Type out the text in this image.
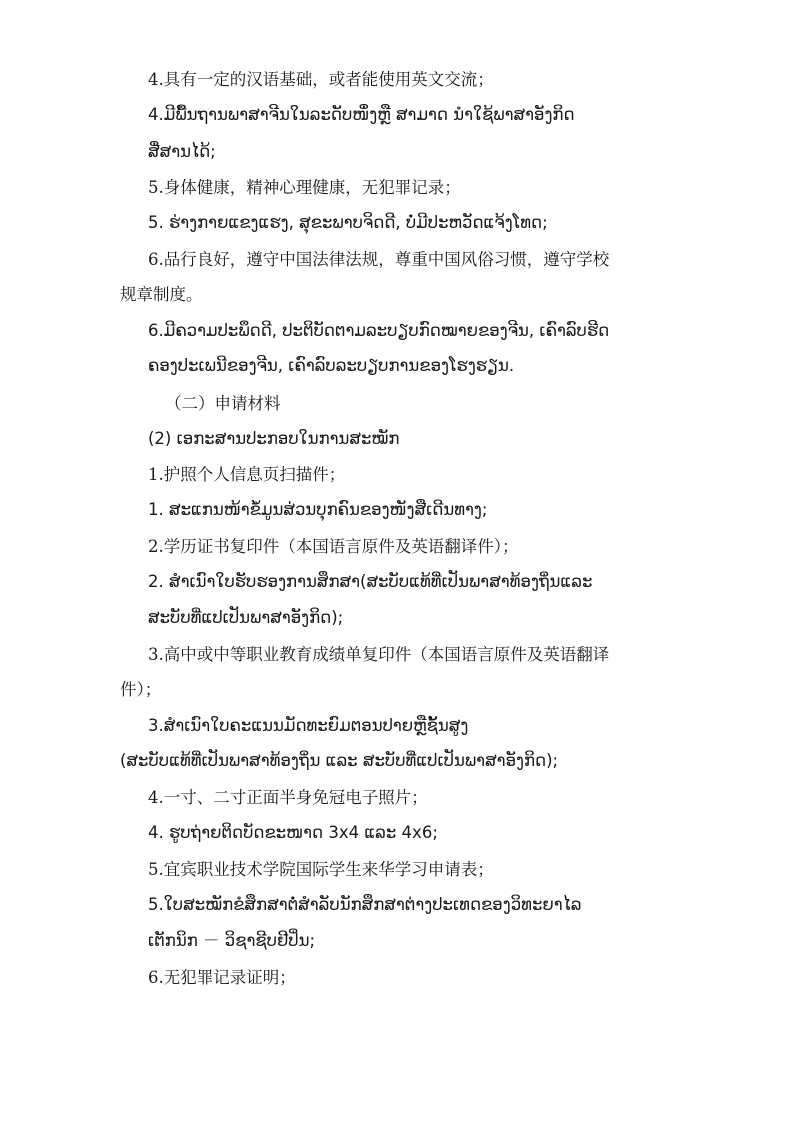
4.具有一定的汉语基础，或者能使用英文交流；
4.ມີພື້ນຖານພາສາຈີນໃນລະດັບໜຶ່ງຫຼື ສາມາດ ນຳໃຊ້ພາສາອັງກິດ
ສື່ສານໄດ້;
5.身体健康，精神心理健康，无犯罪记录；
5. ຮ່າງກາຍແຂງແຮງ, ສຸຂະພາບຈິດດີ, ບໍ່ມີປະຫວັດແຈ້ງໂທດ;
6.品行良好，遵守中国法律法规，尊重中国风俗习惯，遵守学校
规章制度。
6.ມີຄວາມປະພຶດດີ, ປະຕິບັດຕາມລະບຽບກົດໝາຍຂອງຈີນ, ເຄົາລົບຮີດ
ຄອງປະເພນີຂອງຈີນ, ເຄົາລົບລະບຽບການຂອງໂຮງຮຽນ.
（二）申请材料
(2) ເອກະສານປະກອບໃນການສະໝັກ
1.护照个人信息页扫描件；
1. ສະແກນໜ້າຂໍ້ມູນສ່ວນບຸກຄົນຂອງໜັງສືເດີນທາງ;
2.学历证书复印件（本国语言原件及英语翻译件）；
2. ສຳເນົາໃບຮັບຮອງການສຶກສາ(ສະບັບແທ້ທີ່ເປັນພາສາທ້ອງຖິ່ນແລະ
ສະບັບທີ່ແປເປັນພາສາອັງກິດ);
3.高中或中等职业教育成绩单复印件（本国语言原件及英语翻译
件）；
3.ສຳເນົາໃບຄະແນນມັດທະຍົມຕອນປາຍຫຼືຊັ້ນສູງ
(ສະບັບແທ້ທີ່ເປັນພາສາທ້ອງຖິ່ນ ແລະ ສະບັບທີ່ແປເປັນພາສາອັງກິດ);
4.一寸、二寸正面半身免冠电子照片；
4. ຮູບຖ່າຍຕິດບັດຂະໜາດ 3x4 ແລະ 4x6;
5.宜宾职业技术学院国际学生来华学习申请表；
5.ໃບສະໝັກຂໍສຶກສາຕໍ່ສຳລັບນັກສຶກສາຕ່າງປະເທດຂອງວິທະຍາໄລ
ເຕັກນິກ － ວິຊາຊີບຢີປິ່ນ;
6.无犯罪记录证明；
